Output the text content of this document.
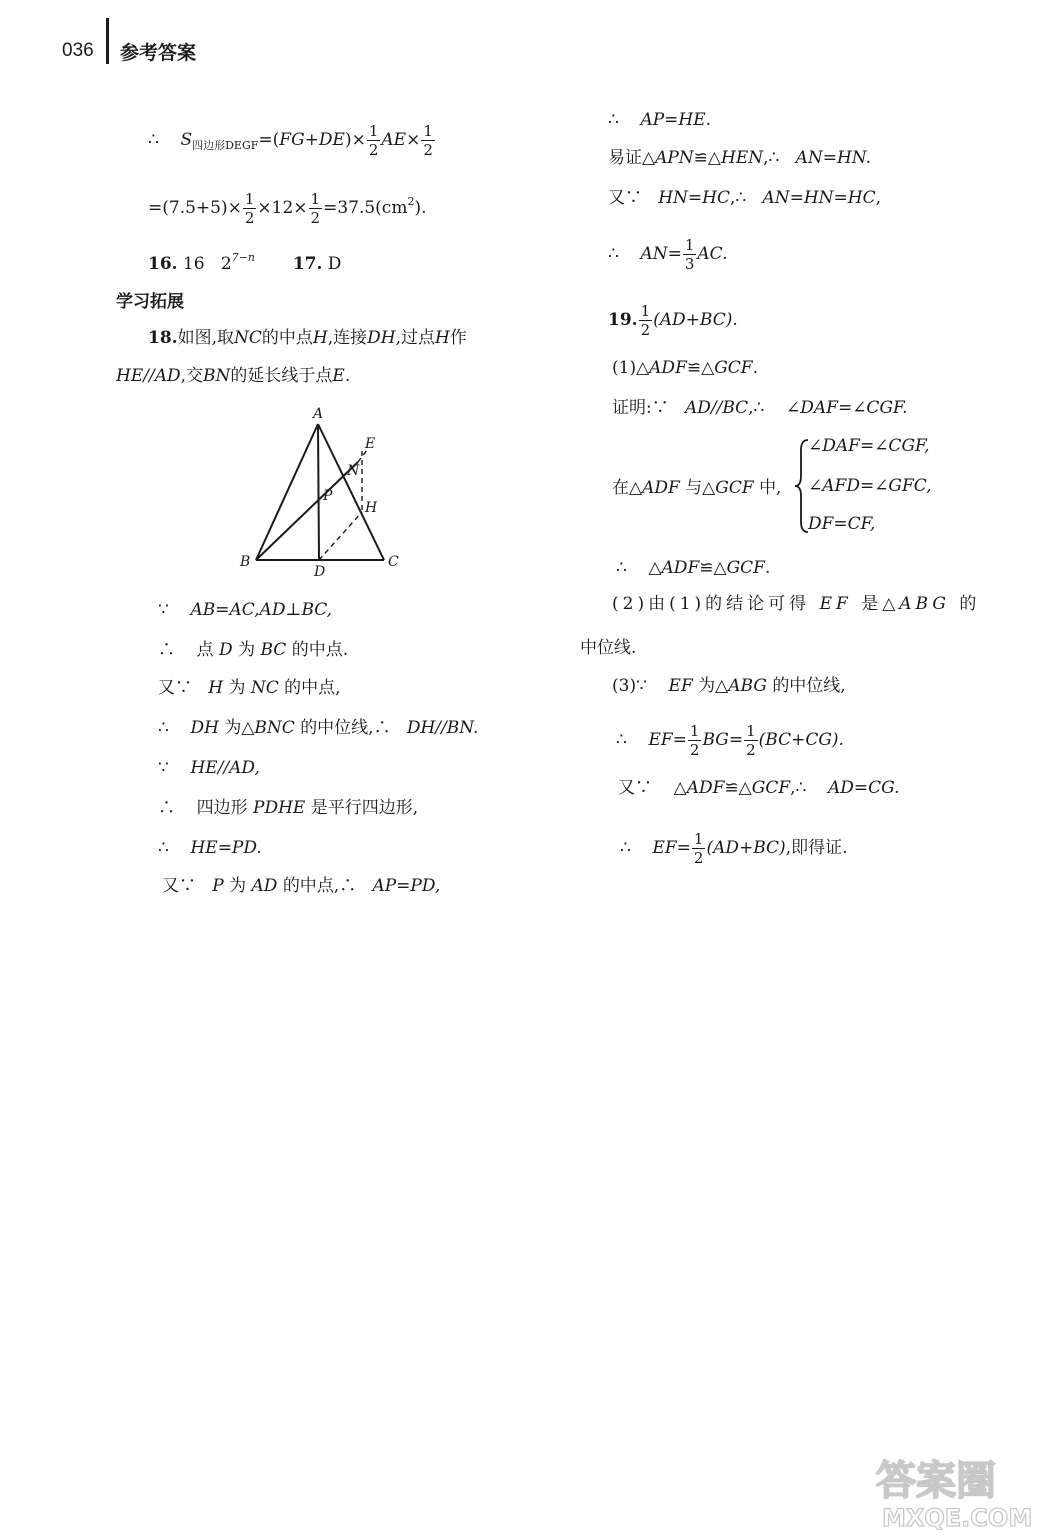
036 参考答案
∴ $S_{四边形DEGF}=(FG+DE)\times \frac{1}{2} AE\times \frac{1}{2}$
$=(7.5+5)\times \frac{1}{2} \times 12\times \frac{1}{2} =37.5(cm^2)$.
16. 16 $2^{7-n}$ 17. D
学习拓展
18.如图,取NC的中点H,连接DH,过点H作
HE//AD,交BN的延长线于点E.
A
B	C
D
E
N
P
H
∵ AB=AC,AD⊥BC,
∴ 点 D 为 BC 的中点.
又∵ H 为 NC 的中点,
∴ DH 为△BNC 的中位线,∴ DH//BN.
∵ HE//AD,
∴ 四边形 PDHE 是平行四边形,
∴ HE=PD.
又∵ P 为 AD 的中点,∴ AP=PD,
∴ AP=HE.
易证△APN≌△HEN,∴ AN=HN.
又∵ HN=HC,∴ AN=HN=HC,
∴ $AN= \frac{1}{3}$ AC.
19. $\frac{1}{2} (AD+BC)$.
(1)△ADF≌△GCF.
证明:∵ AD//BC,∴ ∠DAF=∠CGF.
在△ADF 与△GCF 中,
∠DAF=∠CGF,
∠AFD=∠GFC,
DF=CF,
∴ △ADF≌△GCF.
(2)由(1)的结论可得 EF 是△ABG 的
中位线.
(3)∵ EF 为△ABG 的中位线,
∴ $EF= \frac{1}{2} BG= \frac{1}{2} (BC+CG)$.
又∵ △ADF≌△GCF,∴ AD=CG.
∴ $EF= \frac{1}{2} (AD+BC)$,即得证.
答案圈
MXQE.COM
